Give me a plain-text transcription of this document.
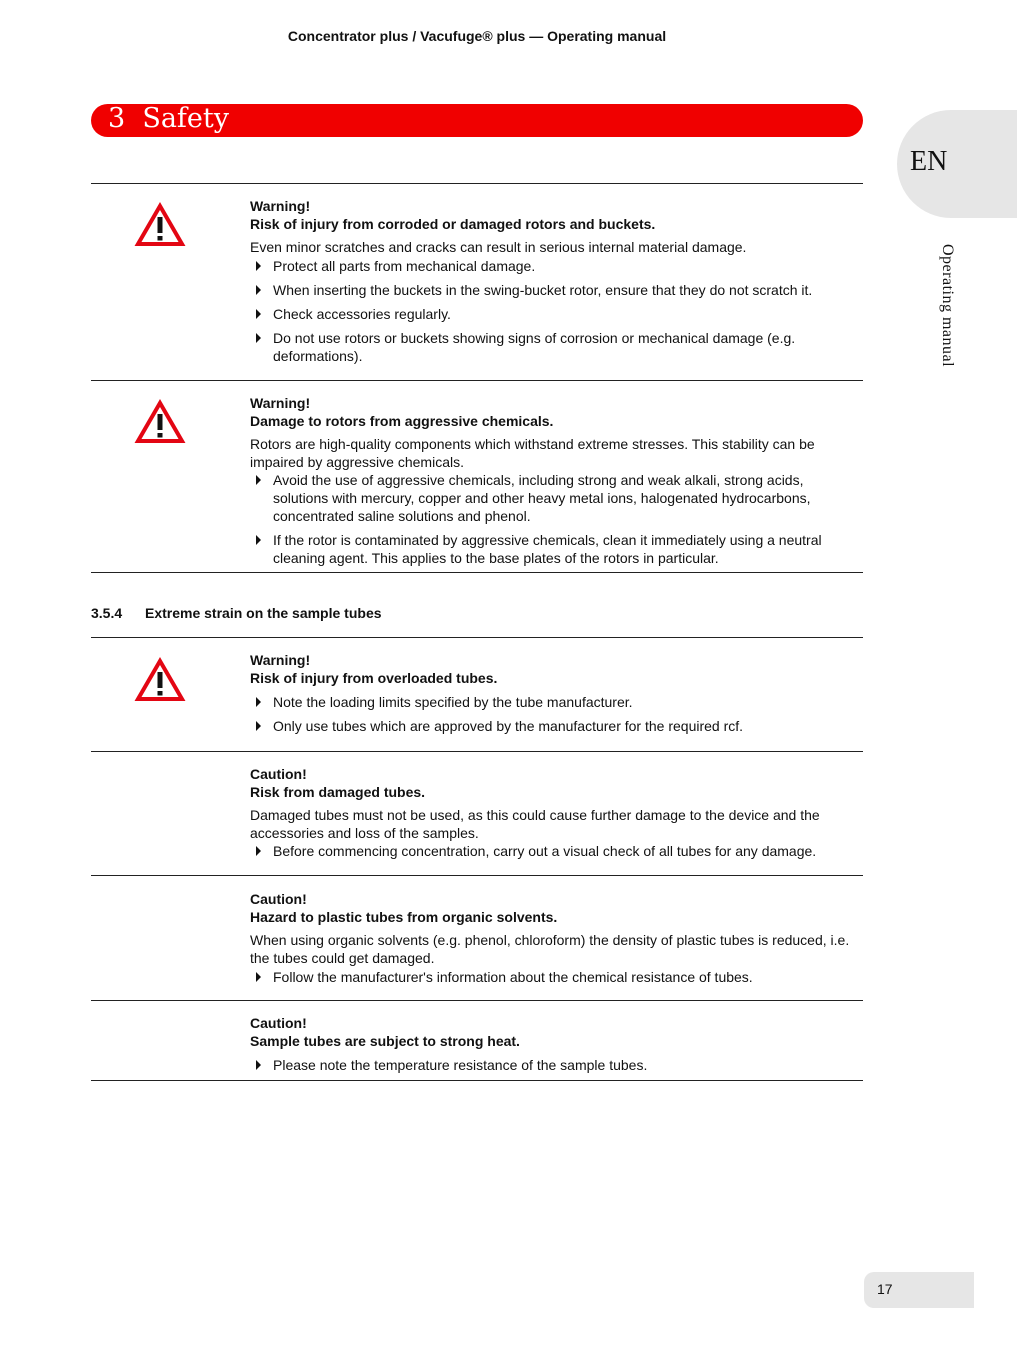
Concentrator plus / Vacufuge® plus — Operating manual
3  Safety
EN
Operating manual
Warning!
Risk of injury from corroded or damaged rotors and buckets.
Even minor scratches and cracks can result in serious internal material damage.
Protect all parts from mechanical damage.
When inserting the buckets in the swing-bucket rotor, ensure that they do not scratch it.
Check accessories regularly.
Do not use rotors or buckets showing signs of corrosion or mechanical damage (e.g. deformations).
Warning!
Damage to rotors from aggressive chemicals.
Rotors are high-quality components which withstand extreme stresses. This stability can be impaired by aggressive chemicals.
Avoid the use of aggressive chemicals, including strong and weak alkali, strong acids, solutions with mercury, copper and other heavy metal ions, halogenated hydrocarbons, concentrated saline solutions and phenol.
If the rotor is contaminated by aggressive chemicals, clean it immediately using a neutral cleaning agent. This applies to the base plates of the rotors in particular.
3.5.4 Extreme strain on the sample tubes
Warning!
Risk of injury from overloaded tubes.
Note the loading limits specified by the tube manufacturer.
Only use tubes which are approved by the manufacturer for the required rcf.
Caution!
Risk from damaged tubes.
Damaged tubes must not be used, as this could cause further damage to the device and the accessories and loss of the samples.
Before commencing concentration, carry out a visual check of all tubes for any damage.
Caution!
Hazard to plastic tubes from organic solvents.
When using organic solvents (e.g. phenol, chloroform) the density of plastic tubes is reduced, i.e. the tubes could get damaged.
Follow the manufacturer's information about the chemical resistance of tubes.
Caution!
Sample tubes are subject to strong heat.
Please note the temperature resistance of the sample tubes.
17
